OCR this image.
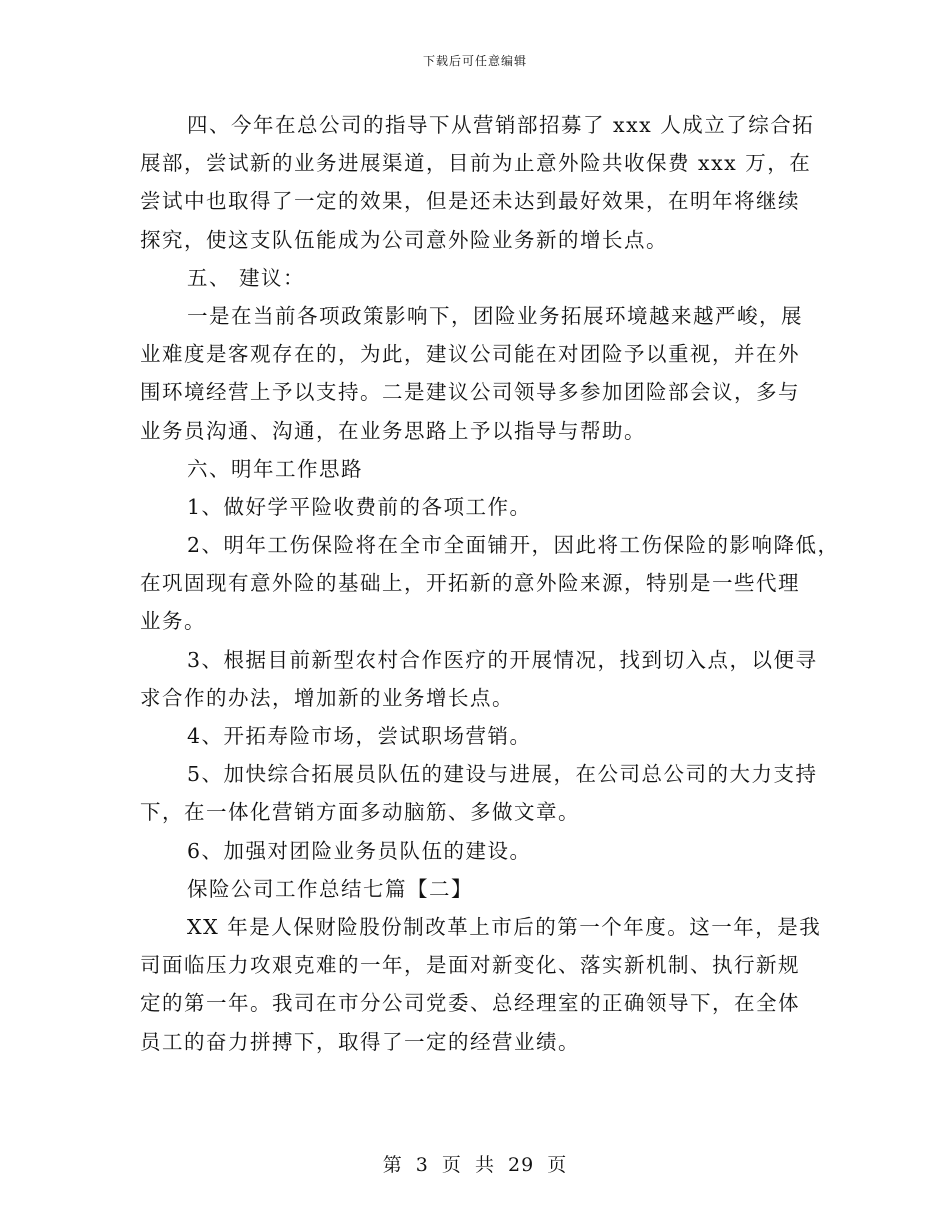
下载后可任意编辑
四、今年在总公司的指导下从营销部招募了 xxx 人成立了综合拓
展部，尝试新的业务进展渠道，目前为止意外险共收保费 xxx 万，在
尝试中也取得了一定的效果，但是还未达到最好效果，在明年将继续
探究，使这支队伍能成为公司意外险业务新的增长点。
五、 建议：
一是在当前各项政策影响下，团险业务拓展环境越来越严峻，展
业难度是客观存在的，为此，建议公司能在对团险予以重视，并在外
围环境经营上予以支持。二是建议公司领导多参加团险部会议，多与
业务员沟通、沟通，在业务思路上予以指导与帮助。
六、明年工作思路
1、做好学平险收费前的各项工作。
2、明年工伤保险将在全市全面铺开，因此将工伤保险的影响降低，
在巩固现有意外险的基础上，开拓新的意外险来源，特别是一些代理
业务。
3、根据目前新型农村合作医疗的开展情况，找到切入点，以便寻
求合作的办法，增加新的业务增长点。
4、开拓寿险市场，尝试职场营销。
5、加快综合拓展员队伍的建设与进展，在公司总公司的大力支持
下，在一体化营销方面多动脑筋、多做文章。
6、加强对团险业务员队伍的建设。
保险公司工作总结七篇【二】
XX 年是人保财险股份制改革上市后的第一个年度。这一年，是我
司面临压力攻艰克难的一年，是面对新变化、落实新机制、执行新规
定的第一年。我司在市分公司党委、总经理室的正确领导下，在全体
员工的奋力拼搏下，取得了一定的经营业绩。
第 3 页 共 29 页
